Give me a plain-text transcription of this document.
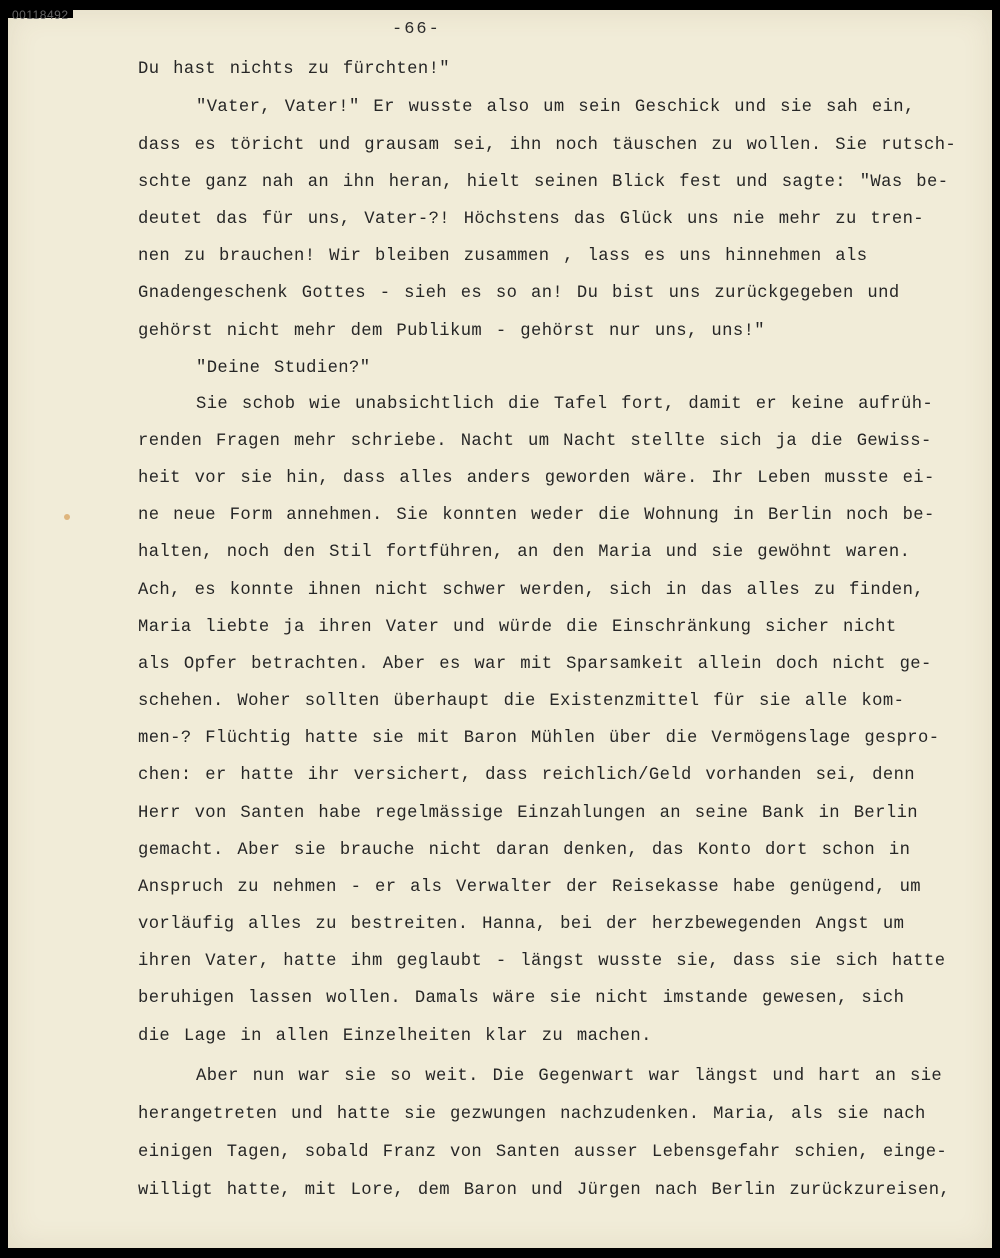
00118492
-66-
Du hast nichts zu fürchten!"
"Vater, Vater!" Er wusste also um sein Geschick und sie sah ein,
dass es töricht und grausam sei, ihn noch täuschen zu wollen. Sie rutsch-
schte ganz nah an ihn heran, hielt seinen Blick fest und sagte: "Was be-
deutet das für uns, Vater-?! Höchstens das Glück uns nie mehr zu tren-
nen zu brauchen! Wir bleiben zusammen , lass es uns hinnehmen als
Gnadengeschenk Gottes - sieh es so an! Du bist uns zurückgegeben und
gehörst nicht mehr dem Publikum - gehörst nur uns, uns!"
"Deine Studien?"
Sie schob wie unabsichtlich die Tafel fort, damit er keine aufrüh-
renden Fragen mehr schriebe. Nacht um Nacht stellte sich ja die Gewiss-
heit vor sie hin, dass alles anders geworden wäre. Ihr Leben musste ei-
ne neue Form annehmen. Sie konnten weder die Wohnung in Berlin noch be-
halten, noch den Stil fortführen, an den Maria und sie gewöhnt waren.
Ach, es konnte ihnen nicht schwer werden, sich in das alles zu finden,
Maria liebte ja ihren Vater und würde die Einschränkung sicher nicht
als Opfer betrachten. Aber es war mit Sparsamkeit allein doch nicht ge-
schehen. Woher sollten überhaupt die Existenzmittel für sie alle kom-
men-? Flüchtig hatte sie mit Baron Mühlen über die Vermögenslage gespro-
chen: er hatte ihr versichert, dass reichlich/Geld vorhanden sei, denn
Herr von Santen habe regelmässige Einzahlungen an seine Bank in Berlin
gemacht. Aber sie brauche nicht daran denken, das Konto dort schon in
Anspruch zu nehmen - er als Verwalter der Reisekasse habe genügend, um
vorläufig alles zu bestreiten. Hanna, bei der herzbewegenden Angst um
ihren Vater, hatte ihm geglaubt - längst wusste sie, dass sie sich hatte
beruhigen lassen wollen. Damals wäre sie nicht imstande gewesen, sich
die Lage in allen Einzelheiten klar zu machen.
Aber nun war sie so weit. Die Gegenwart war längst und hart an sie
herangetreten und hatte sie gezwungen nachzudenken. Maria, als sie nach
einigen Tagen, sobald Franz von Santen ausser Lebensgefahr schien, einge-
willigt hatte, mit Lore, dem Baron und Jürgen nach Berlin zurückzureisen,
